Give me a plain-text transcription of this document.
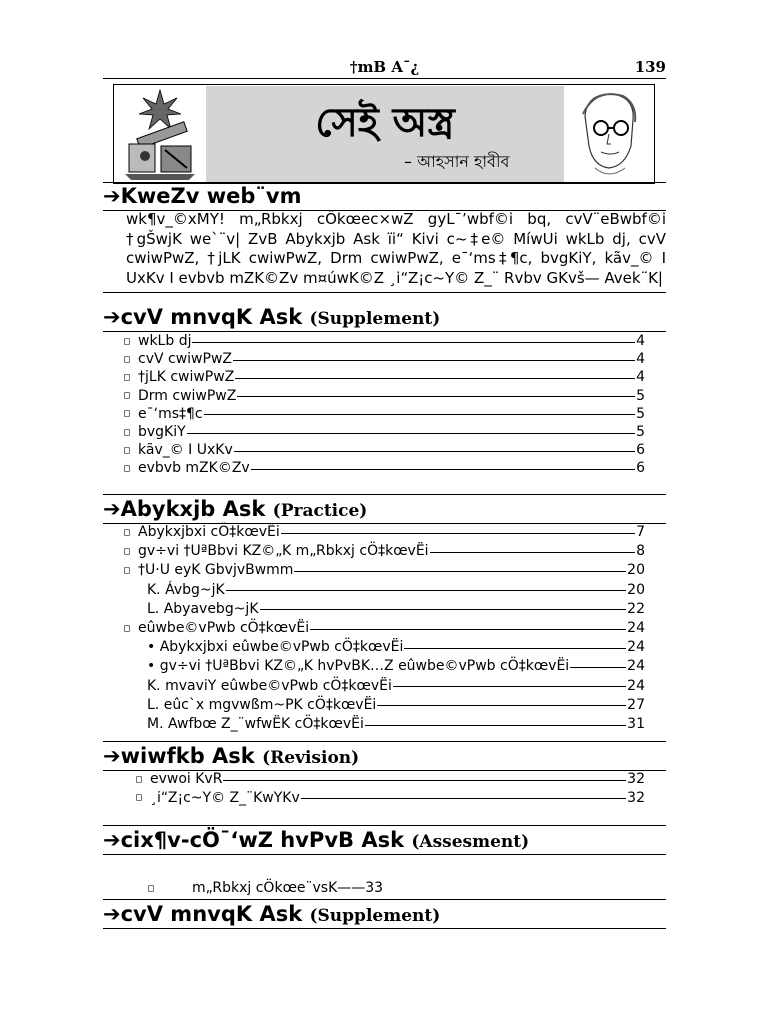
†mB A¯¿	139
সেই অস্ত্র
– আহসান হাবীব
➔KweZv web¨vm
wk¶v_©xMY! m„Rbkxj cÖkœec×wZ gyL¯’wbf©i bq, cvV¨eBwbf©i †gŠwjK we`¨v| ZvB Abykxjb Ask ïi“ Kivi c~‡e© MíwUi wkLb dj, cvV cwiwPwZ, †jLK cwiwPwZ, Drm cwiwPwZ, e¯‘ms‡¶c, bvgKiY, kãv_© I UxKv I evbvb mZK©Zv m¤úwK©Z ¸i“Z¡c~Y© Z_¨ Rvbv GKvš— Avek¨K|
➔cvV mnvqK Ask (Supplement)
wkLb dj	4
cvV cwiwPwZ	4
†jLK cwiwPwZ	4
Drm cwiwPwZ	5
e¯‘ms‡¶c	5
bvgKiY	5
kãv_© I UxKv	6
evbvb mZK©Zv	6
➔Abykxjb Ask (Practice)
Abykxjbxi cÖ‡kœvËi	7
gv÷vi †UªBbvi KZ©„K m„Rbkxj cÖ‡kœvËi	8
†U·U eyK GbvjvBwmm	20
K. Ávbg~jK	20
L. Abyavebg~jK	22
eûwbe©vPwb cÖ‡kœvËi	24
• Abykxjbxi eûwbe©vPwb cÖ‡kœvËi	24
• gv÷vi †UªBbvi KZ©„K hvPvBK…Z eûwbe©vPwb cÖ‡kœvËi	24
K. mvaviY eûwbe©vPwb cÖ‡kœvËi	24
L. eûc`x mgvwßm~PK cÖ‡kœvËi	27
M. Awfbœ Z_¨wfwËK cÖ‡kœvËi	31
➔wiwfkb Ask (Revision)
evwoi KvR	32
¸i“Z¡c~Y© Z_¨KwYKv	32
➔cix¶v-cÖ¯‘wZ hvPvB Ask (Assesment)
m„Rbkxj cÖkœe¨vsK——33
➔cvV mnvqK Ask (Supplement)
